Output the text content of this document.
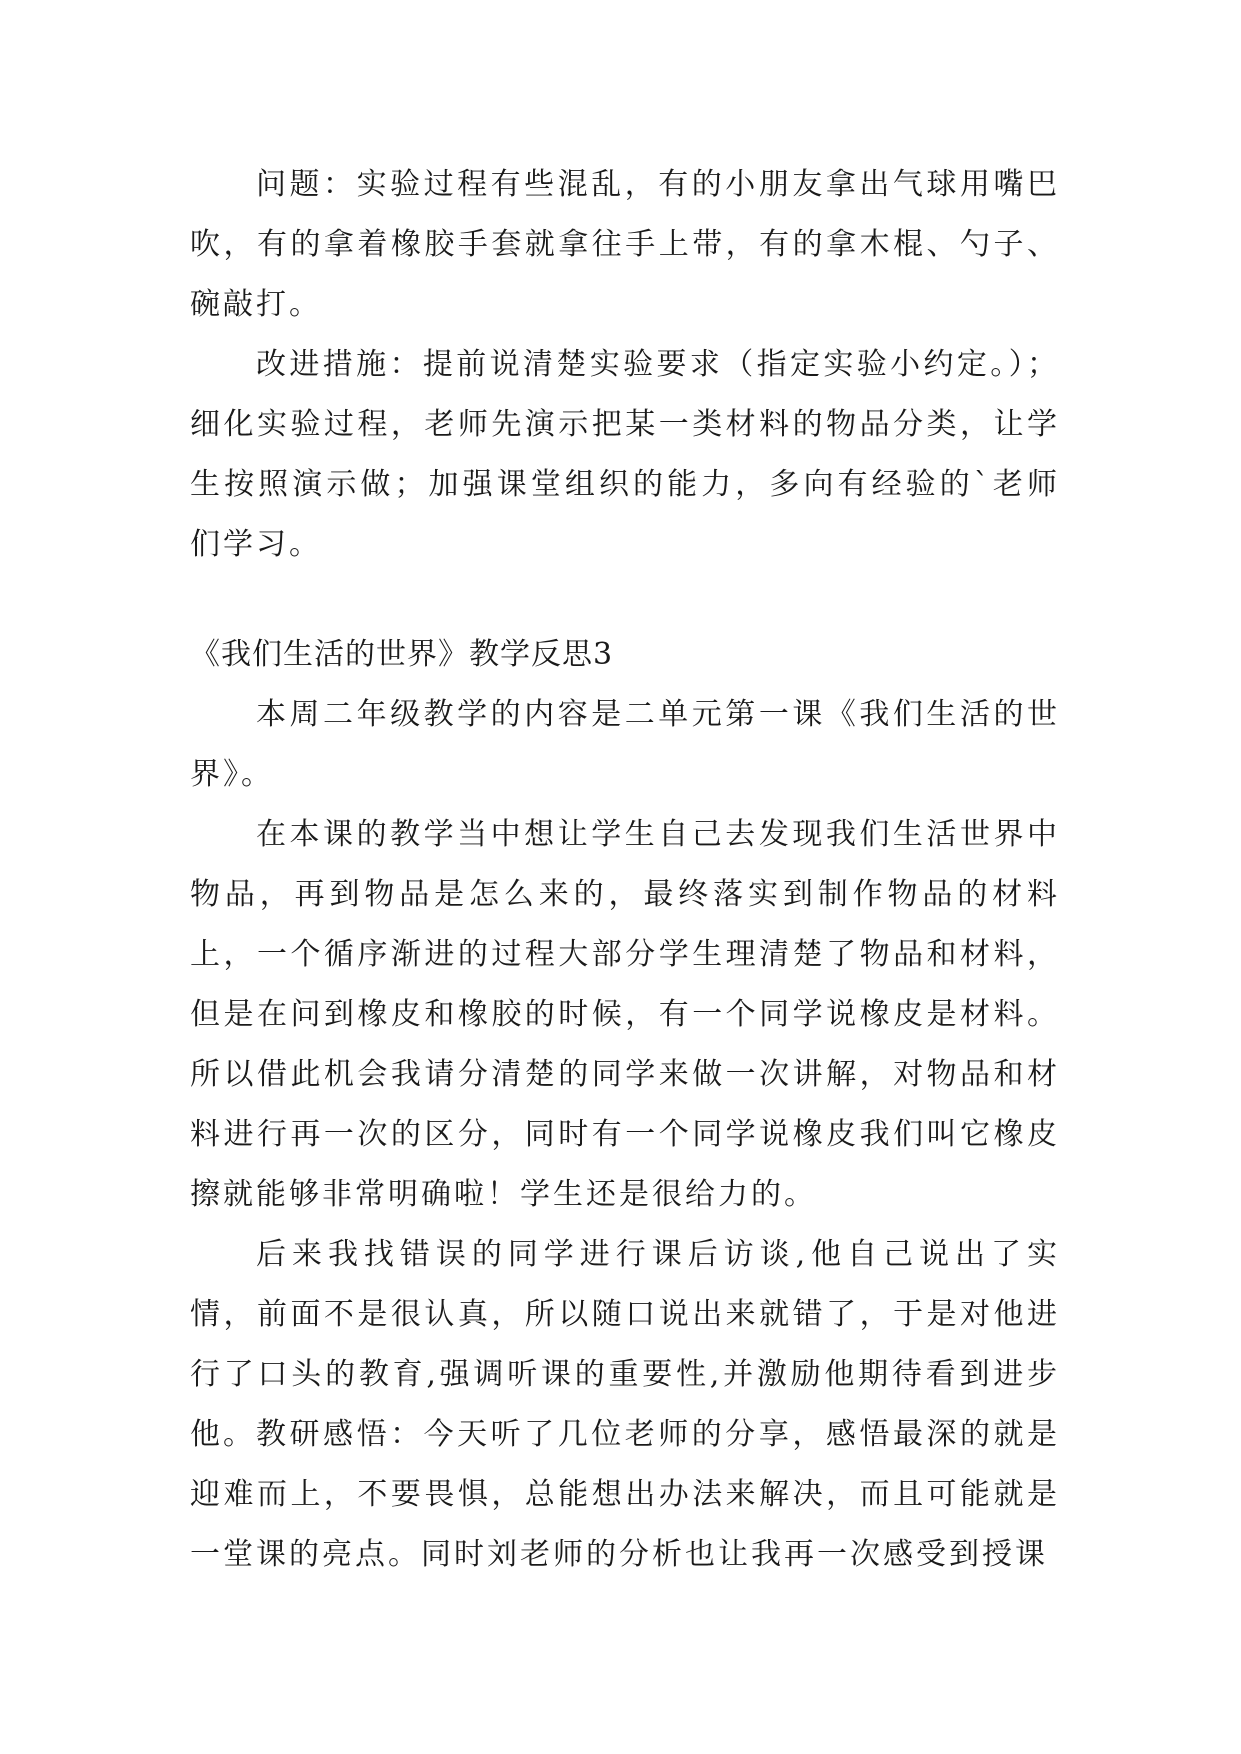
问题：实验过程有些混乱，有的小朋友拿出气球用嘴巴吹，有的拿着橡胶手套就拿往手上带，有的拿木棍、勺子、碗敲打。

改进措施：提前说清楚实验要求（指定实验小约定。）；细化实验过程，老师先演示把某一类材料的物品分类，让学生按照演示做；加强课堂组织的能力，多向有经验的`老师们学习。

《我们生活的世界》教学反思3

本周二年级教学的内容是二单元第一课《我们生活的世界》。

在本课的教学当中想让学生自己去发现我们生活世界中物品，再到物品是怎么来的，最终落实到制作物品的材料上，一个循序渐进的过程大部分学生理清楚了物品和材料，但是在问到橡皮和橡胶的时候，有一个同学说橡皮是材料。所以借此机会我请分清楚的同学来做一次讲解，对物品和材料进行再一次的区分，同时有一个同学说橡皮我们叫它橡皮擦就能够非常明确啦！学生还是很给力的。

后来我找错误的同学进行课后访谈,他自己说出了实情，前面不是很认真，所以随口说出来就错了，于是对他进行了口头的教育,强调听课的重要性,并激励他期待看到进步他。 教研感悟：今天听了几位老师的分享，感悟最深的就是迎难而上，不要畏惧，总能想出办法来解决，而且可能就是一堂课的亮点。同时刘老师的分析也让我再一次感受到授课
